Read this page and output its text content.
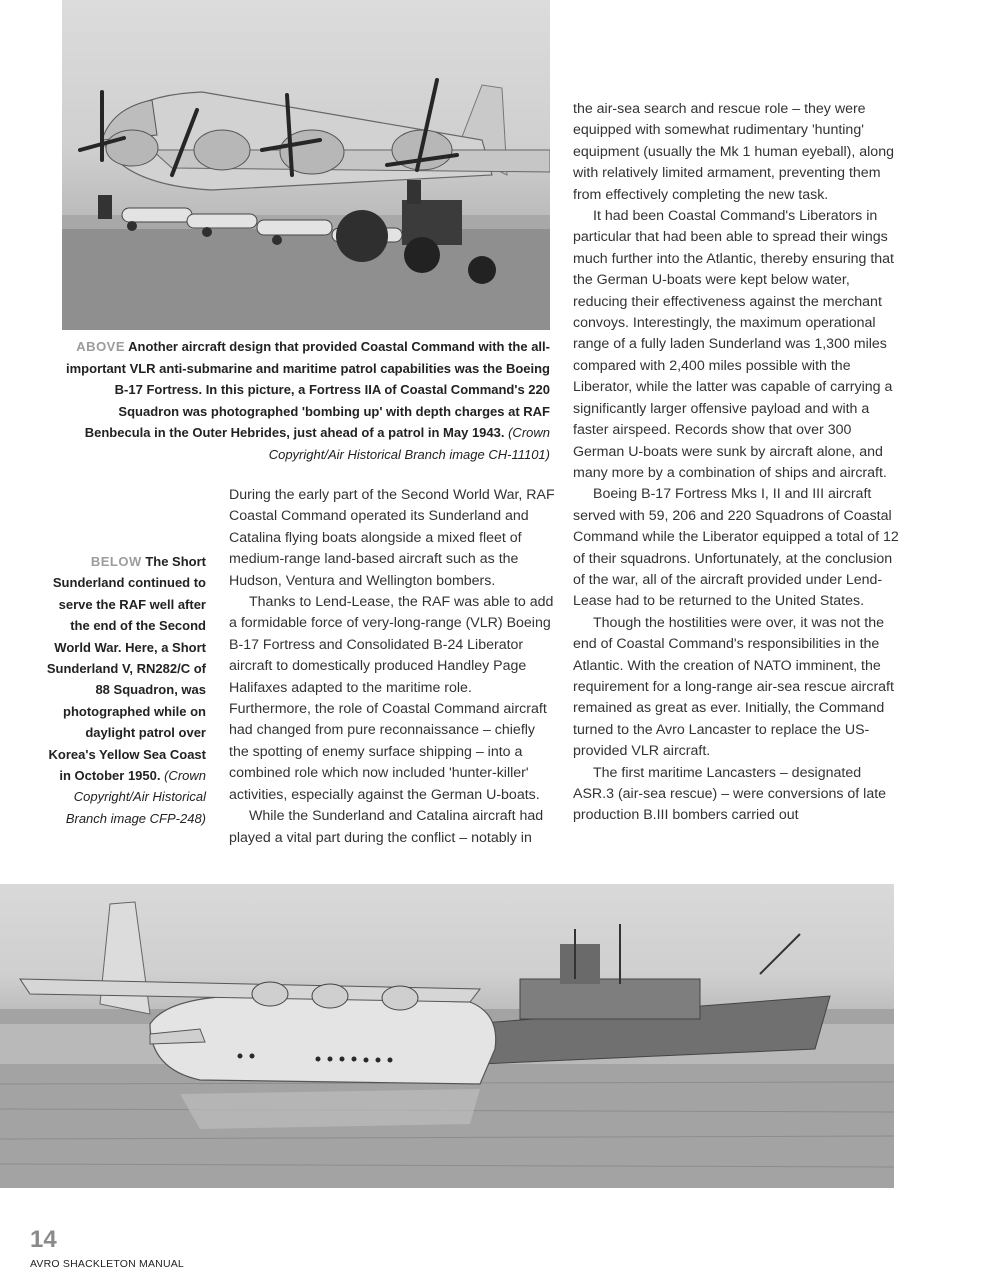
ABOVE Another aircraft design that provided Coastal Command with the all-important VLR anti-submarine and maritime patrol capabilities was the Boeing B-17 Fortress. In this picture, a Fortress IIA of Coastal Command's 220 Squadron was photographed 'bombing up' with depth charges at RAF Benbecula in the Outer Hebrides, just ahead of a patrol in May 1943. (Crown Copyright/Air Historical Branch image CH-11101)
BELOW The Short Sunderland continued to serve the RAF well after the end of the Second World War. Here, a Short Sunderland V, RN282/C of 88 Squadron, was photographed while on daylight patrol over Korea's Yellow Sea Coast in October 1950. (Crown Copyright/Air Historical Branch image CFP-248)

During the early part of the Second World War, RAF Coastal Command operated its Sunderland and Catalina flying boats alongside a mixed fleet of medium-range land-based aircraft such as the Hudson, Ventura and Wellington bombers.

Thanks to Lend-Lease, the RAF was able to add a formidable force of very-long-range (VLR) Boeing B-17 Fortress and Consolidated B-24 Liberator aircraft to domestically produced Handley Page Halifaxes adapted to the maritime role. Furthermore, the role of Coastal Command aircraft had changed from pure reconnaissance – chiefly the spotting of enemy surface shipping – into a combined role which now included 'hunter-killer' activities, especially against the German U-boats.

While the Sunderland and Catalina aircraft had played a vital part during the conflict – notably in

the air-sea search and rescue role – they were equipped with somewhat rudimentary 'hunting' equipment (usually the Mk 1 human eyeball), along with relatively limited armament, preventing them from effectively completing the new task.

It had been Coastal Command's Liberators in particular that had been able to spread their wings much further into the Atlantic, thereby ensuring that the German U-boats were kept below water, reducing their effectiveness against the merchant convoys. Interestingly, the maximum operational range of a fully laden Sunderland was 1,300 miles compared with 2,400 miles possible with the Liberator, while the latter was capable of carrying a significantly larger offensive payload and with a faster airspeed. Records show that over 300 German U-boats were sunk by aircraft alone, and many more by a combination of ships and aircraft.

Boeing B-17 Fortress Mks I, II and III aircraft served with 59, 206 and 220 Squadrons of Coastal Command while the Liberator equipped a total of 12 of their squadrons. Unfortunately, at the conclusion of the war, all of the aircraft provided under Lend-Lease had to be returned to the United States.

Though the hostilities were over, it was not the end of Coastal Command's responsibilities in the Atlantic. With the creation of NATO imminent, the requirement for a long-range air-sea rescue aircraft remained as great as ever. Initially, the Command turned to the Avro Lancaster to replace the US-provided VLR aircraft.

The first maritime Lancasters – designated ASR.3 (air-sea rescue) – were conversions of late production B.III bombers carried out

14
AVRO SHACKLETON MANUAL
